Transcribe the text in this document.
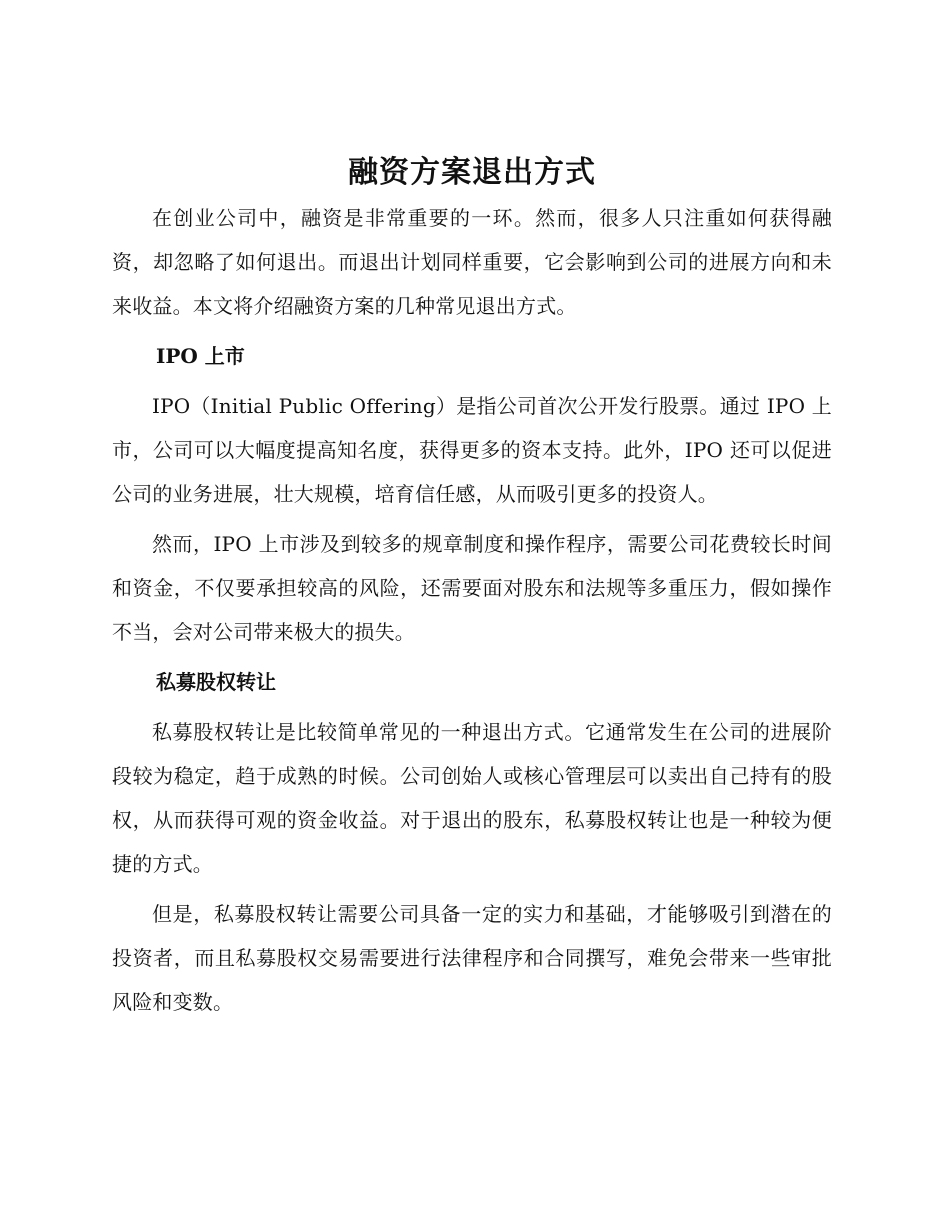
融资方案退出方式

在创业公司中，融资是非常重要的一环。然而，很多人只注重如何获得融资，却忽略了如何退出。而退出计划同样重要，它会影响到公司的进展方向和未来收益。本文将介绍融资方案的几种常见退出方式。

IPO 上市

IPO（Initial Public Offering）是指公司首次公开发行股票。通过 IPO 上市，公司可以大幅度提高知名度，获得更多的资本支持。此外，IPO 还可以促进公司的业务进展，壮大规模，培育信任感，从而吸引更多的投资人。

然而，IPO 上市涉及到较多的规章制度和操作程序，需要公司花费较长时间和资金，不仅要承担较高的风险，还需要面对股东和法规等多重压力，假如操作不当，会对公司带来极大的损失。

私募股权转让

私募股权转让是比较简单常见的一种退出方式。它通常发生在公司的进展阶段较为稳定，趋于成熟的时候。公司创始人或核心管理层可以卖出自己持有的股权，从而获得可观的资金收益。对于退出的股东，私募股权转让也是一种较为便捷的方式。

但是，私募股权转让需要公司具备一定的实力和基础，才能够吸引到潜在的投资者，而且私募股权交易需要进行法律程序和合同撰写，难免会带来一些审批风险和变数。
